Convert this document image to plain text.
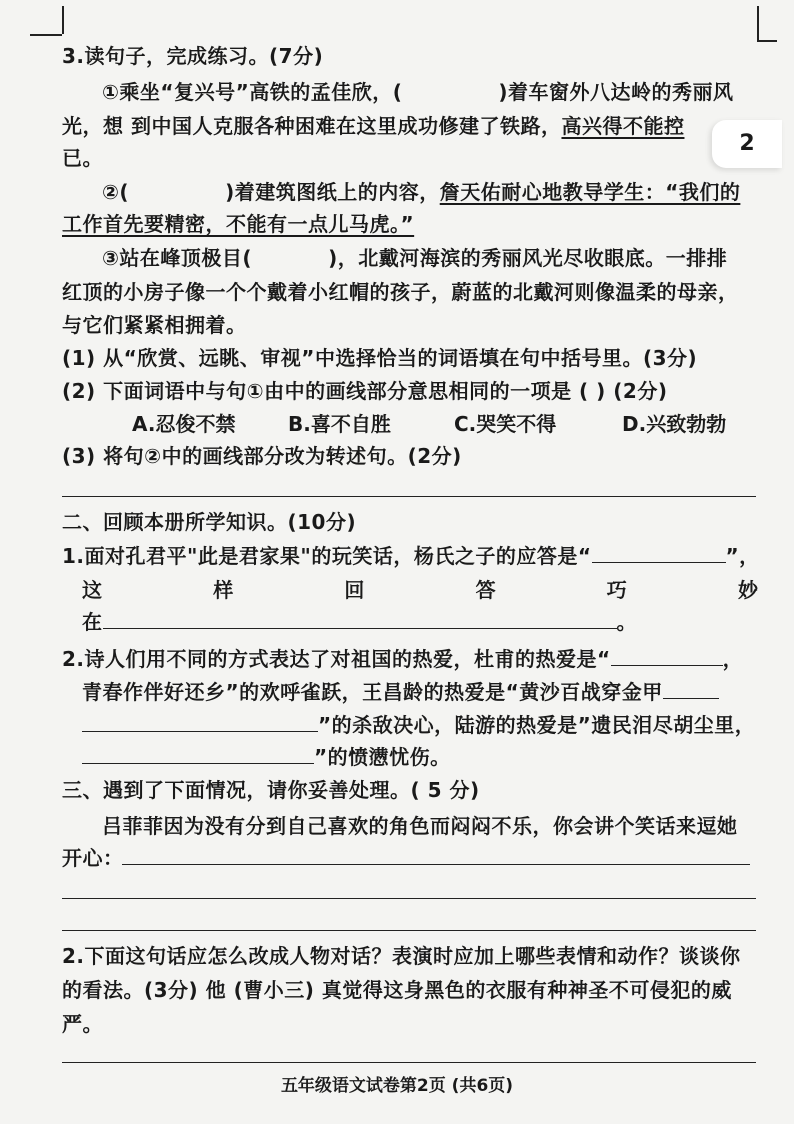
2
3.读句子，完成练习。(7分)
①乘坐“复兴号”高铁的孟佳欣，(	)着车窗外八达岭的秀丽风
光，想 到中国人克服各种困难在这里成功修建了铁路，高兴得不能控
已。
②(	)着建筑图纸上的内容，詹天佑耐心地教导学生：“我们的
工作首先要精密，不能有一点儿马虎。”
③站在峰顶极目(	)，北戴河海滨的秀丽风光尽收眼底。一排排
红顶的小房子像一个个戴着小红帽的孩子，蔚蓝的北戴河则像温柔的母亲，
与它们紧紧相拥着。
(1) 从“欣赏、远眺、审视”中选择恰当的词语填在句中括号里。(3分)
(2) 下面词语中与句①由中的画线部分意思相同的一项是 ( ) (2分)
A.忍俊不禁	B.喜不自胜	C.哭笑不得	D.兴致勃勃
(3) 将句②中的画线部分改为转述句。(2分)
二、回顾本册所学知识。(10分)
1.面对孔君平"此是君家果"的玩笑话，杨氏之子的应答是“	”，
这	样	回	答	巧	妙
在	。
2.诗人们用不同的方式表达了对祖国的热爱，杜甫的热爱是“	，
青春作伴好还乡”的欢呼雀跃，王昌龄的热爱是“黄沙百战穿金甲
”的杀敌决心，陆游的热爱是”遗民泪尽胡尘里，
”的愤懑忧伤。
三、遇到了下面情况，请你妥善处理。( 5 分)
吕菲菲因为没有分到自己喜欢的角色而闷闷不乐，你会讲个笑话来逗她
开心：
2.下面这句话应怎么改成人物对话？表演时应加上哪些表情和动作？谈谈你
的看法。(3分) 他 (曹小三) 真觉得这身黑色的衣服有种神圣不可侵犯的威
严。
五年级语文试卷第2页 (共6页)
